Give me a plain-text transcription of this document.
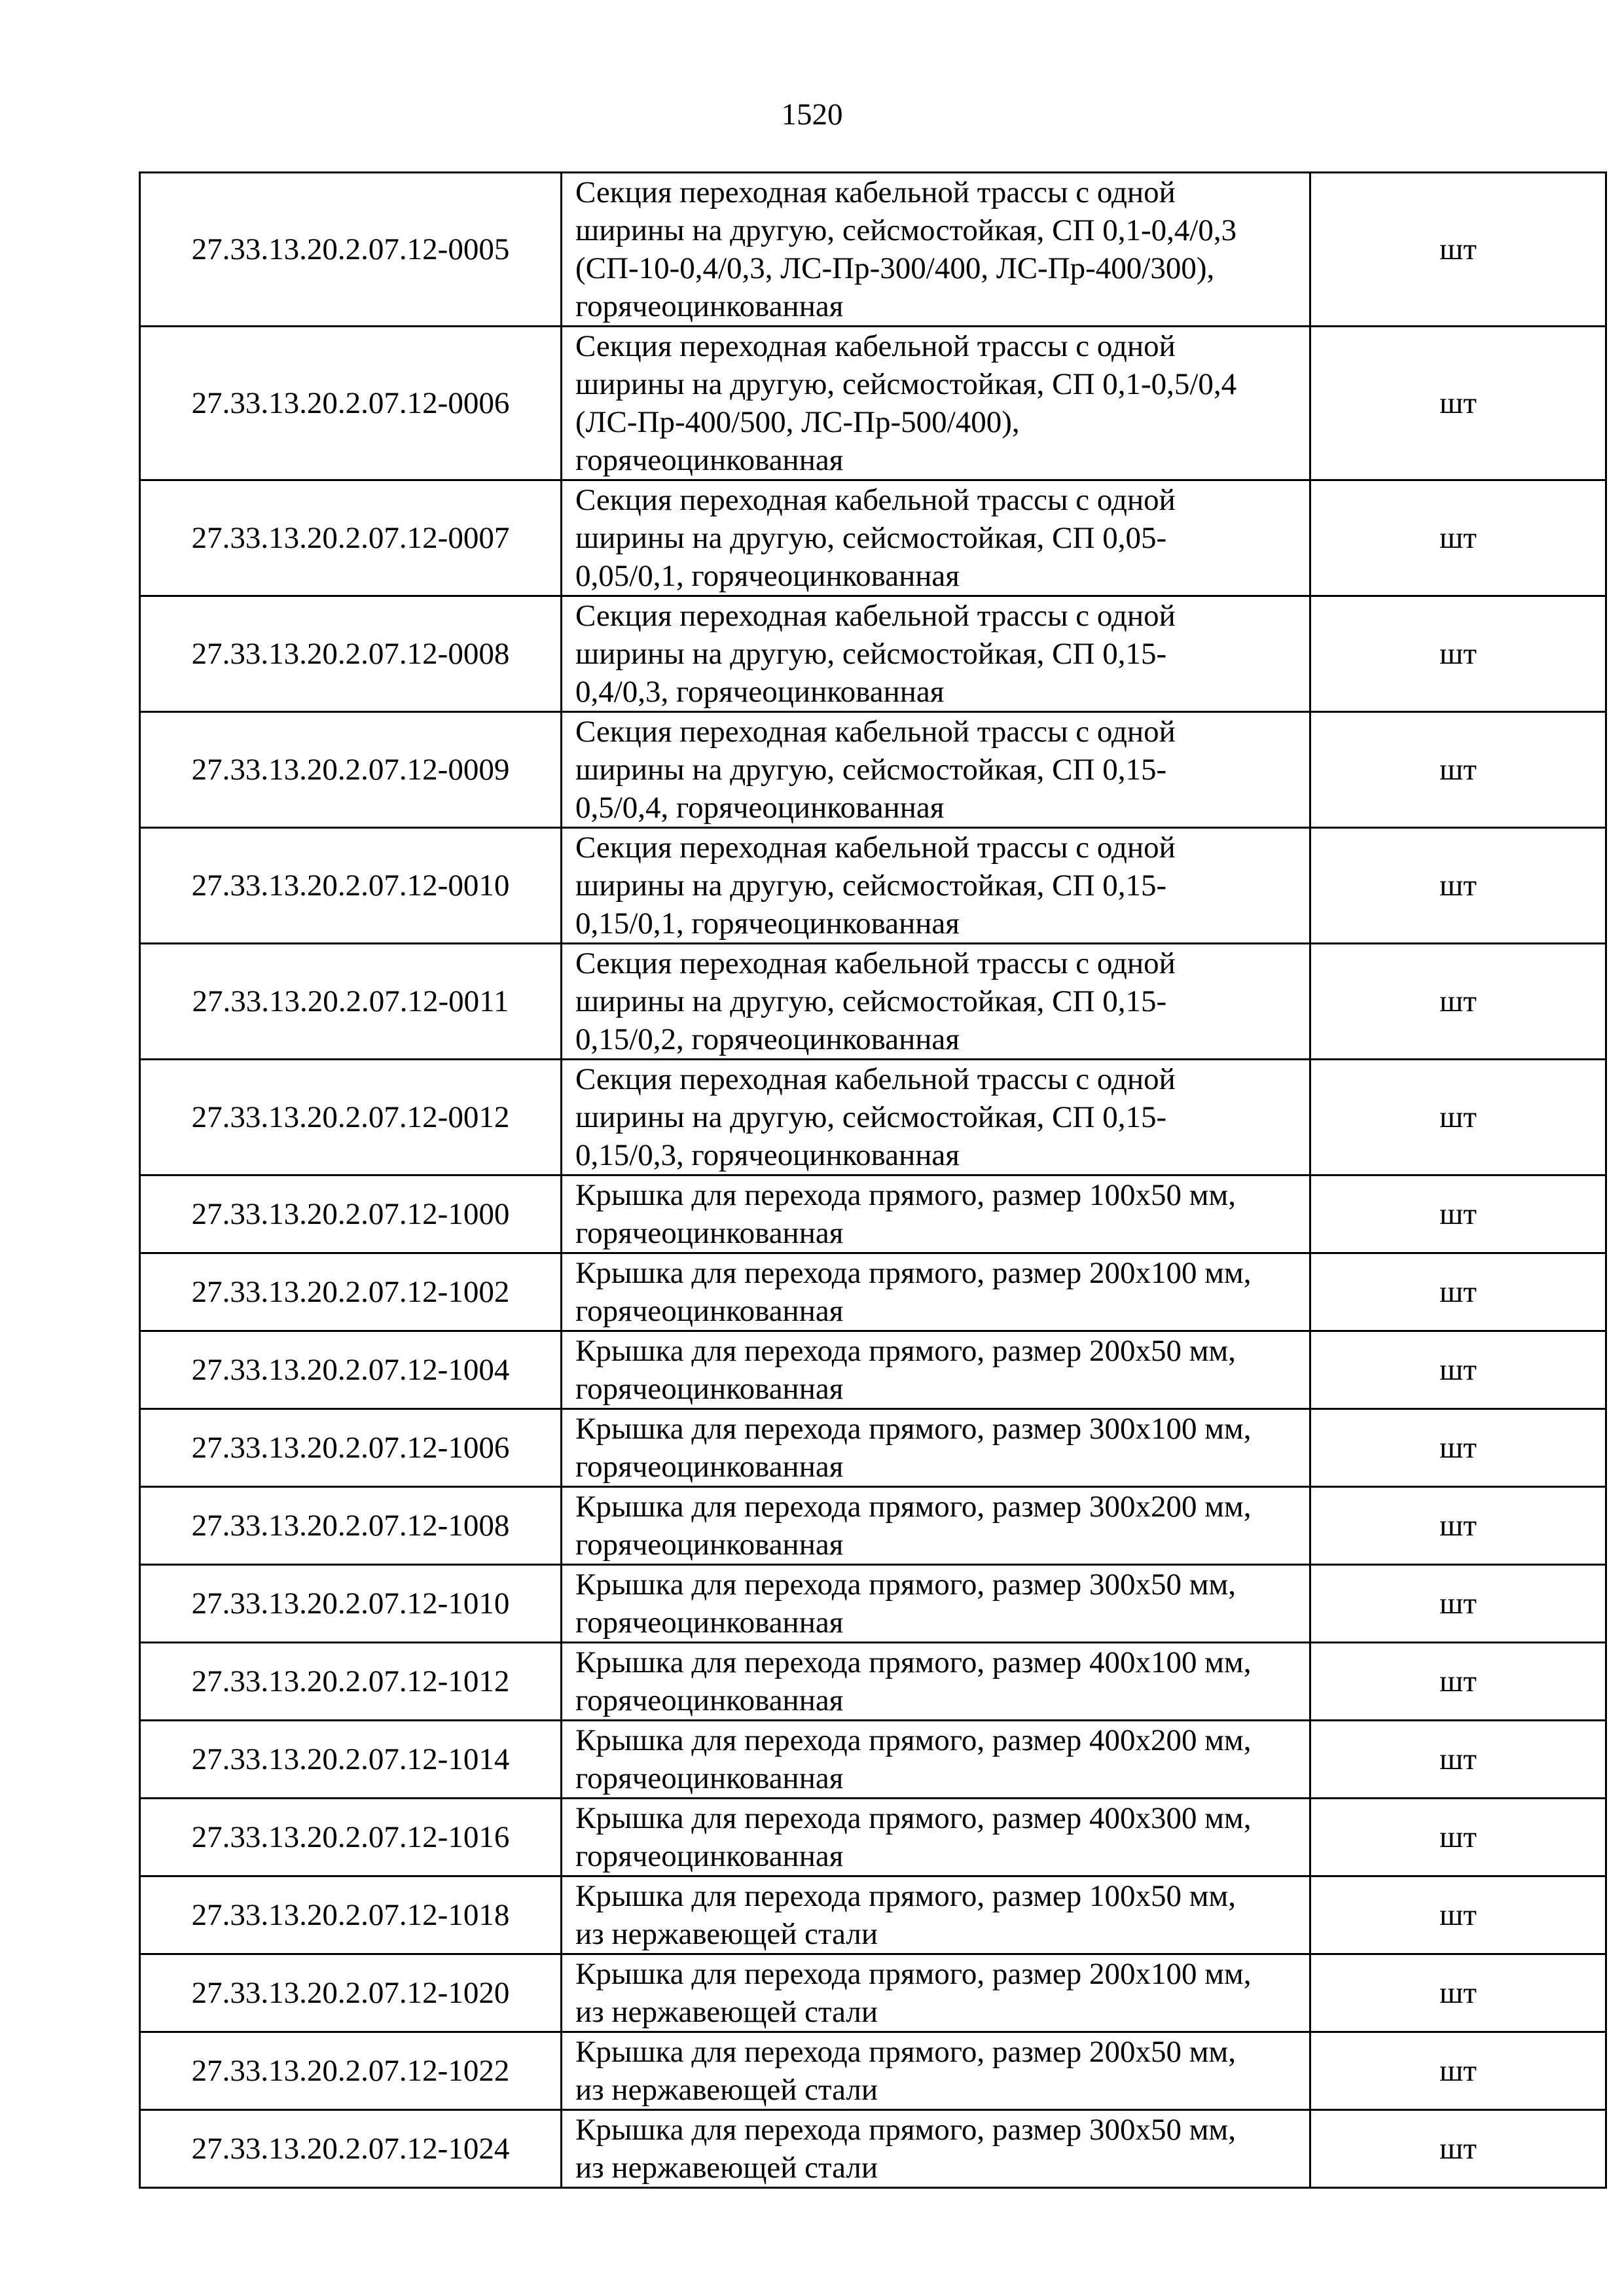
1520
27.33.13.20.2.07.12-0005	Секция переходная кабельной трассы с одной
ширины на другую, сейсмостойкая, СП 0,1-0,4/0,3
(СП-10-0,4/0,3, ЛС-Пр-300/400, ЛС-Пр-400/300),
горячеоцинкованная	шт
27.33.13.20.2.07.12-0006	Секция переходная кабельной трассы с одной
ширины на другую, сейсмостойкая, СП 0,1-0,5/0,4
(ЛС-Пр-400/500, ЛС-Пр-500/400),
горячеоцинкованная	шт
27.33.13.20.2.07.12-0007	Секция переходная кабельной трассы с одной
ширины на другую, сейсмостойкая, СП 0,05-
0,05/0,1, горячеоцинкованная	шт
27.33.13.20.2.07.12-0008	Секция переходная кабельной трассы с одной
ширины на другую, сейсмостойкая, СП 0,15-
0,4/0,3, горячеоцинкованная	шт
27.33.13.20.2.07.12-0009	Секция переходная кабельной трассы с одной
ширины на другую, сейсмостойкая, СП 0,15-
0,5/0,4, горячеоцинкованная	шт
27.33.13.20.2.07.12-0010	Секция переходная кабельной трассы с одной
ширины на другую, сейсмостойкая, СП 0,15-
0,15/0,1, горячеоцинкованная	шт
27.33.13.20.2.07.12-0011	Секция переходная кабельной трассы с одной
ширины на другую, сейсмостойкая, СП 0,15-
0,15/0,2, горячеоцинкованная	шт
27.33.13.20.2.07.12-0012	Секция переходная кабельной трассы с одной
ширины на другую, сейсмостойкая, СП 0,15-
0,15/0,3, горячеоцинкованная	шт
27.33.13.20.2.07.12-1000	Крышка для перехода прямого, размер 100х50 мм,
горячеоцинкованная	шт
27.33.13.20.2.07.12-1002	Крышка для перехода прямого, размер 200х100 мм,
горячеоцинкованная	шт
27.33.13.20.2.07.12-1004	Крышка для перехода прямого, размер 200х50 мм,
горячеоцинкованная	шт
27.33.13.20.2.07.12-1006	Крышка для перехода прямого, размер 300х100 мм,
горячеоцинкованная	шт
27.33.13.20.2.07.12-1008	Крышка для перехода прямого, размер 300х200 мм,
горячеоцинкованная	шт
27.33.13.20.2.07.12-1010	Крышка для перехода прямого, размер 300х50 мм,
горячеоцинкованная	шт
27.33.13.20.2.07.12-1012	Крышка для перехода прямого, размер 400х100 мм,
горячеоцинкованная	шт
27.33.13.20.2.07.12-1014	Крышка для перехода прямого, размер 400х200 мм,
горячеоцинкованная	шт
27.33.13.20.2.07.12-1016	Крышка для перехода прямого, размер 400х300 мм,
горячеоцинкованная	шт
27.33.13.20.2.07.12-1018	Крышка для перехода прямого, размер 100х50 мм,
из нержавеющей стали	шт
27.33.13.20.2.07.12-1020	Крышка для перехода прямого, размер 200х100 мм,
из нержавеющей стали	шт
27.33.13.20.2.07.12-1022	Крышка для перехода прямого, размер 200х50 мм,
из нержавеющей стали	шт
27.33.13.20.2.07.12-1024	Крышка для перехода прямого, размер 300х50 мм,
из нержавеющей стали	шт
